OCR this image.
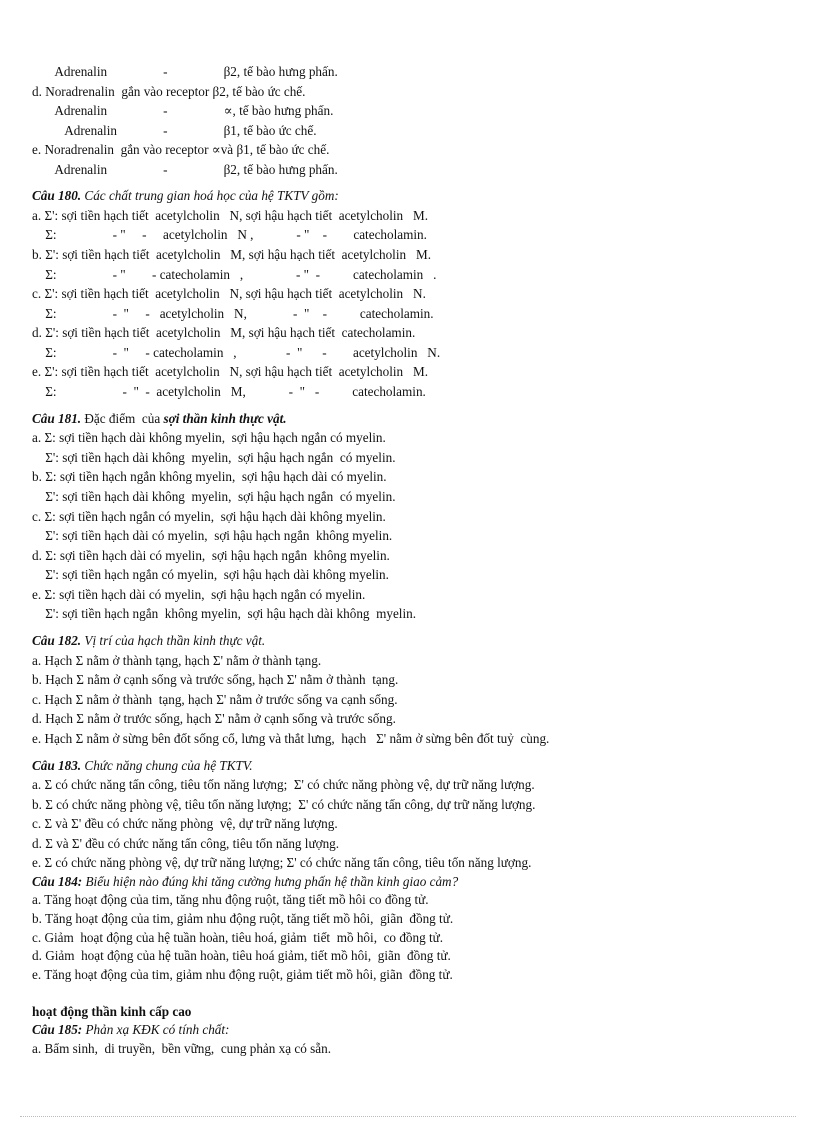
Adrenalin                 -                 β2, tế bào hưng phấn.
d. Noradrenalin  gắn vào receptor β2, tế bào ức chế.
Adrenalin                 -                 ∝, tế bào hưng phấn.
Adrenalin              -                 β1, tế bào ức chế.
e. Noradrenalin  gắn vào receptor ∝và β1, tế bào ức chế.
Adrenalin                 -                 β2, tế bào hưng phấn.
Câu 180. Các chất trung gian hoá học của hệ TKTV gồm:
a. Σ': sợi tiền hạch tiết  acetylcholin   N, sợi hậu hạch tiết  acetylcholin   M.
Σ:                 - "     -     acetylcholin   N ,             - "    -        catecholamin.
b. Σ': sợi tiền hạch tiết  acetylcholin   M, sợi hậu hạch tiết  acetylcholin   M.
Σ:                 - "        - catecholamin   ,                - "  -          catecholamin   .
c. Σ': sợi tiền hạch tiết  acetylcholin   N, sợi hậu hạch tiết  acetylcholin   N.
Σ:                 -  "     -   acetylcholin   N,              -  "    -          catecholamin.
d. Σ': sợi tiền hạch tiết  acetylcholin   M, sợi hậu hạch tiết  catecholamin.
Σ:                 -  "     - catecholamin   ,               -  "      -        acetylcholin   N.
e. Σ': sợi tiền hạch tiết  acetylcholin   N, sợi hậu hạch tiết  acetylcholin   M.
Σ:                    -  "  -  acetylcholin   M,             -  "   -          catecholamin.
Câu 181. Đặc điểm  của sợi thần kinh thực vật.
a. Σ: sợi tiền hạch dài không myelin,  sợi hậu hạch ngắn có myelin.
Σ': sợi tiền hạch dài không  myelin,  sợi hậu hạch ngắn  có myelin.
b. Σ: sợi tiền hạch ngắn không myelin,  sợi hậu hạch dài có myelin.
Σ': sợi tiền hạch dài không  myelin,  sợi hậu hạch ngắn  có myelin.
c. Σ: sợi tiền hạch ngắn có myelin,  sợi hậu hạch dài không myelin.
Σ': sợi tiền hạch dài có myelin,  sợi hậu hạch ngắn  không myelin.
d. Σ: sợi tiền hạch dài có myelin,  sợi hậu hạch ngắn  không myelin.
Σ': sợi tiền hạch ngắn có myelin,  sợi hậu hạch dài không myelin.
e. Σ: sợi tiền hạch dài có myelin,  sợi hậu hạch ngắn có myelin.
Σ': sợi tiền hạch ngắn  không myelin,  sợi hậu hạch dài không  myelin.
Câu 182. Vị trí của hạch thần kinh thực vật.
a. Hạch Σ nằm ở thành tạng, hạch Σ' nằm ở thành tạng.
b. Hạch Σ nằm ở cạnh sống và trước sống, hạch Σ' nằm ở thành  tạng.
c. Hạch Σ nằm ở thành  tạng, hạch Σ' nằm ở trước sống va cạnh sống.
d. Hạch Σ nằm ở trước sống, hạch Σ' nằm ở cạnh sống và trước sống.
e. Hạch Σ nằm ở sừng bên đốt sống cổ, lưng và thắt lưng,  hạch   Σ' nằm ở sừng bên đốt tuỷ  cùng.
Câu 183. Chức năng chung của hệ TKTV.
a. Σ có chức năng tấn công, tiêu tốn năng lượng;  Σ' có chức năng phòng vệ, dự trữ năng lượng.
b. Σ có chức năng phòng vệ, tiêu tốn năng lượng;  Σ' có chức năng tấn công, dự trữ năng lượng.
c. Σ và Σ' đều có chức năng phòng  vệ, dự trữ năng lượng.
d. Σ và Σ' đều có chức năng tấn công, tiêu tốn năng lượng.
e. Σ có chức năng phòng vệ, dự trữ năng lượng; Σ' có chức năng tấn công, tiêu tốn năng lượng.
Câu 184: Biểu hiện nào đúng khi tăng cường hưng phấn hệ thần kinh giao cảm?
a. Tăng hoạt động của tim, tăng nhu động ruột, tăng tiết mồ hôi co đồng tử.
b. Tăng hoạt động của tim, giảm nhu động ruột, tăng tiết mồ hôi,  giãn  đồng tử.
c. Giảm  hoạt động của hệ tuần hoàn, tiêu hoá, giảm  tiết  mồ hôi,  co đồng tử.
d. Giảm  hoạt động của hệ tuần hoàn, tiêu hoá giảm, tiết mồ hôi,  giãn  đồng tử.
e. Tăng hoạt động của tim, giảm nhu động ruột, giảm tiết mồ hôi, giãn  đồng tử.
hoạt động thần kinh cấp cao
Câu 185: Phản xạ KĐK có tính chất:
a. Bẩm sinh,  di truyền,  bền vững,  cung phản xạ có sẵn.
